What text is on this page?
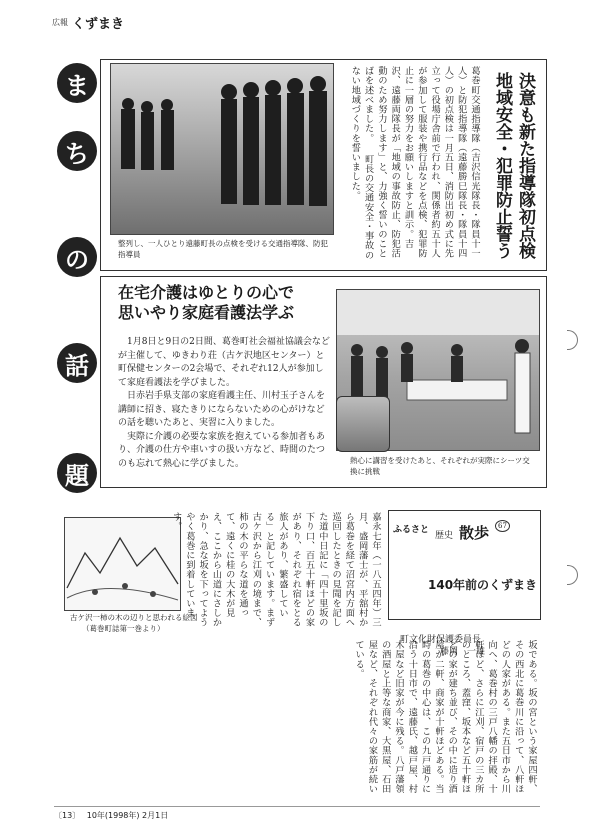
広報 くずまき
ま
ち
の
話
題
整列し、一人ひとり遠藤町長の点検を受ける交通指導隊、防犯指導員	決意も新た指導隊初点検 地域安全・犯罪防止誓う
葛巻町交通指導隊（吉沢信光隊長・隊員十一人）と防犯指導隊（遠藤勝巳隊長・隊員十四人）の初点検は一月五日、消防出初め式に先立って役場庁舎前で行われ、関係者約五十人が参加して服装や携行品などを点検、犯罪防止に一層の努力をお願いしますと訓示。吉沢、遠藤両隊長が「地域の事故防止、防犯活動のため努力します」と、力強く誓いのことばを述べました。 町長の交通安全・事故のない地域づくりを誓いました。
在宅介護はゆとりの心で
思いやり家庭看護法学ぶ
1月8日と9日の2日間、葛巻町社会福祉協議会などが主催して、ゆきわり荘（古ケ沢地区センター）と町保健センターの2会場で、それぞれ12人が参加して家庭看護法を学びました。
日赤岩手県支部の家庭看護主任、川村玉子さんを講師に招き、寝たきりにならないための心がけなどの話を聴いたあと、実習に入りました。
実際に介護の必要な家族を抱えている参加者もあり、介護の仕方や車いすの扱い方など、時間のたつのも忘れて熱心に学びました。	熱心に講習を受けたあと、それぞれが実際にシーツ交換に挑戦
古ケ沢一柿の木の辺りと思われる絵図
（葛巻町誌第一巻より）
嘉永七年（一八五四年）三月、盛岡藩士が、平舘村から葛巻を経て沼宮内方面へ巡回したときの見聞を記した道中日記に「四十里坂の下り口、百五十軒ほどの家があり、それぞれ宿をとる旅人があり、繁盛している」と記しています。まず古ケ沢から江刈の境まで、柿の木の平らな道を通って、遠くに桂の大木が見え、ここから山道にさしかかり、急な坂を下ってようやく葛巻に到着しています。	ふるさと
歴史 散歩	67
140年前のくずまき
町文化財保護委員長
藤岡　一雄	坂である。坂の宮という家屋四軒、その西北に葛巻川に沿って、八軒ほどの人家がある。また五日市から川向へ、葛巻村の三戸八幡の拝殿、十軒ほど、さらに江刈、宿戸の三カ所のところ、蓋窪、坂本など五十軒ほどの家が建ち並び、その中に造り酒屋が二軒、商家が十軒ほどある。当時の葛巻の中心は、この九戸通りに沿う十日市で、遠藤氏、越戸屋、村木屋など旧家が今に残る。八戸藩領の酒屋と上等な商家、大黒屋、石田屋など、それぞれ代々の家筋が続いている。
〔13〕 10年(1998年) 2月1日
